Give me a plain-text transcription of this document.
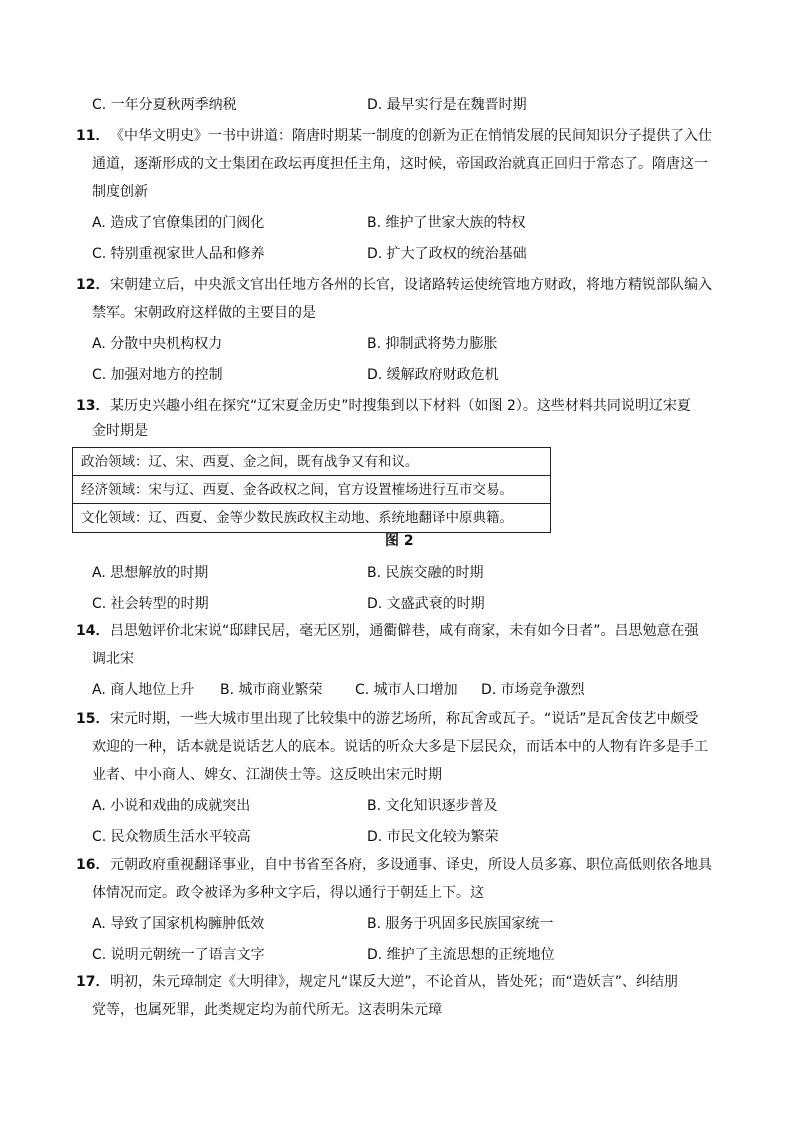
C. 一年分夏秋两季纳税	D. 最早实行是在魏晋时期
11． 《中华文明史》一书中讲道：隋唐时期某一制度的创新为正在悄悄发展的民间知识分子提供了入仕
通道，逐渐形成的文士集团在政坛再度担任主角，这时候，帝国政治就真正回归于常态了。隋唐这一
制度创新
A. 造成了官僚集团的门阀化	B. 维护了世家大族的特权
C. 特别重视家世人品和修养	D. 扩大了政权的统治基础
12． 宋朝建立后，中央派文官出任地方各州的长官，设诸路转运使统管地方财政，将地方精锐部队编入
禁军。宋朝政府这样做的主要目的是
A. 分散中央机构权力	B. 抑制武将势力膨胀
C. 加强对地方的控制	D. 缓解政府财政危机
13． 某历史兴趣小组在探究“辽宋夏金历史”时搜集到以下材料（如图 2）。这些材料共同说明辽宋夏
金时期是
政治领域：辽、宋、西夏、金之间，既有战争又有和议。
经济领域：宋与辽、西夏、金各政权之间，官方设置榷场进行互市交易。
文化领域：辽、西夏、金等少数民族政权主动地、系统地翻译中原典籍。
图 2
A. 思想解放的时期	B. 民族交融的时期
C. 社会转型的时期	D. 文盛武衰的时期
14． 吕思勉评价北宋说“邸肆民居，毫无区别，通衢僻巷，咸有商家，未有如今日者”。吕思勉意在强
调北宋
A. 商人地位上升 B. 城市商业繁荣 C. 城市人口增加 D. 市场竞争激烈
15． 宋元时期，一些大城市里出现了比较集中的游艺场所，称瓦舍或瓦子。“说话”是瓦舍伎艺中颇受
欢迎的一种，话本就是说话艺人的底本。说话的听众大多是下层民众，而话本中的人物有许多是手工
业者、中小商人、婢女、江湖侠士等。这反映出宋元时期
A. 小说和戏曲的成就突出	B. 文化知识逐步普及
C. 民众物质生活水平较高	D. 市民文化较为繁荣
16． 元朝政府重视翻译事业，自中书省至各府，多设通事、译史，所设人员多寡、职位高低则依各地具
体情况而定。政令被译为多种文字后，得以通行于朝廷上下。这
A. 导致了国家机构臃肿低效	B. 服务于巩固多民族国家统一
C. 说明元朝统一了语言文字	D. 维护了主流思想的正统地位
17． 明初，朱元璋制定《大明律》，规定凡“谋反大逆”，不论首从，皆处死；而“造妖言”、纠结朋
党等，也属死罪，此类规定均为前代所无。这表明朱元璋
